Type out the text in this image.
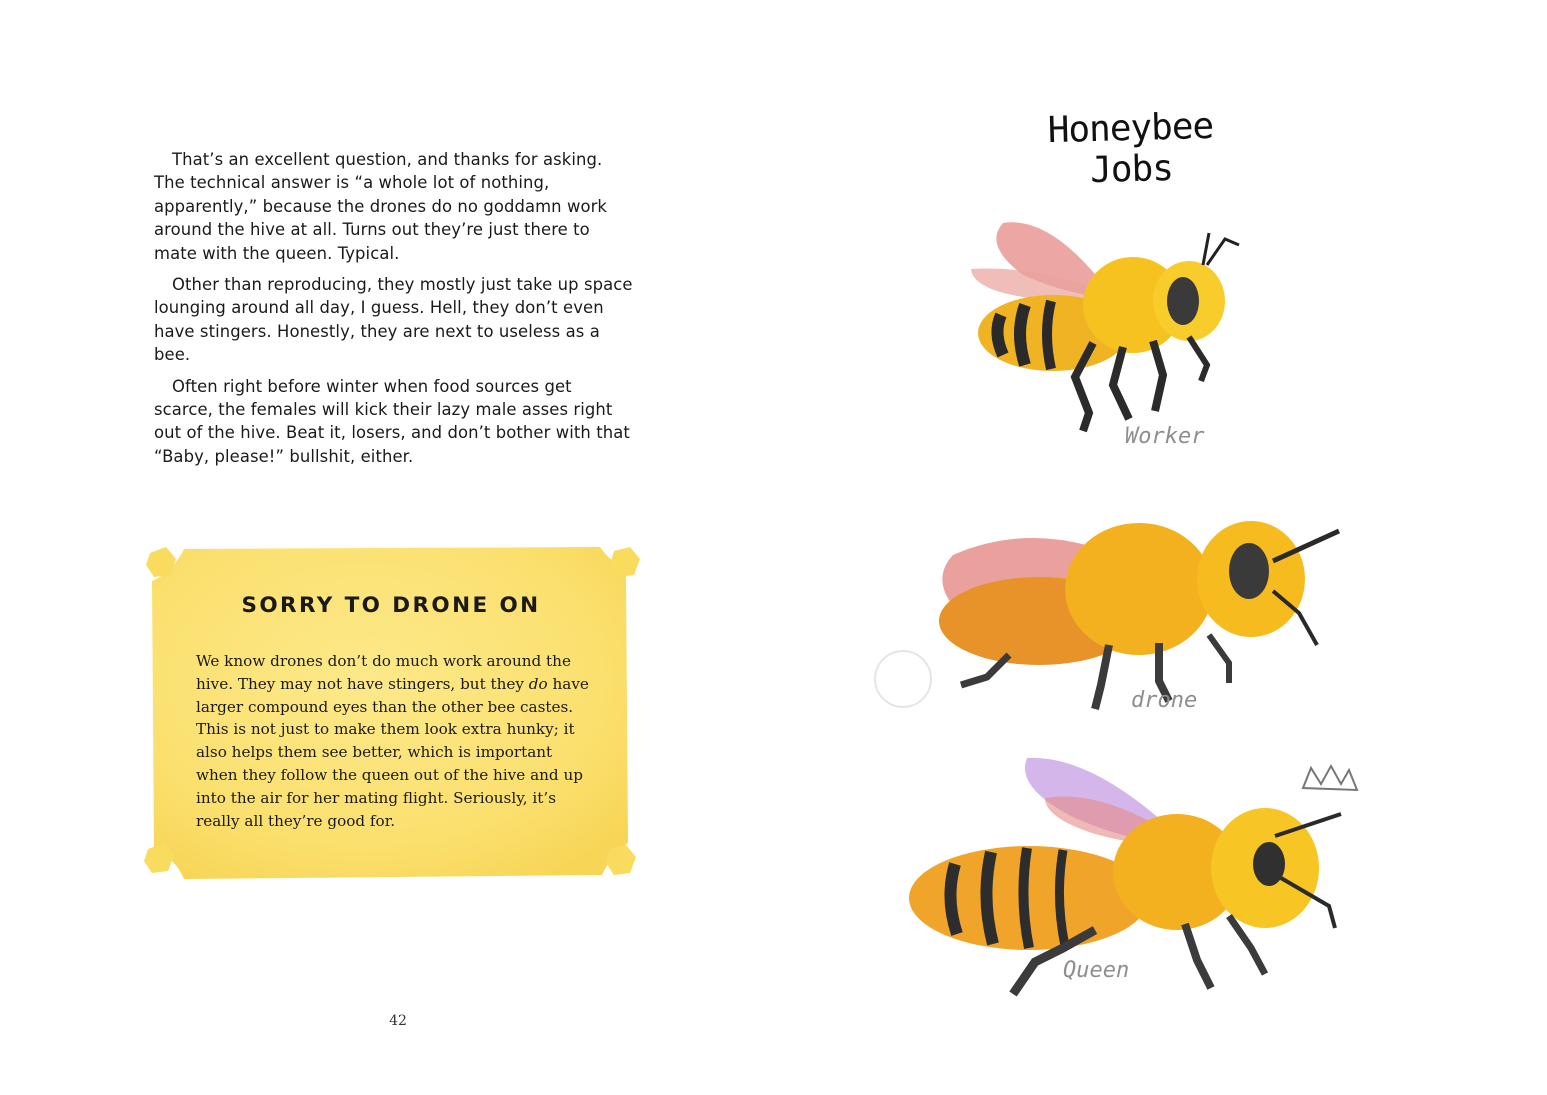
That’s an excellent question, and thanks for asking. The technical answer is “a whole lot of nothing, apparently,” because the drones do no goddamn work around the hive at all. Turns out they’re just there to mate with the queen. Typical.

Other than reproducing, they mostly just take up space lounging around all day, I guess. Hell, they don’t even have stingers. Honestly, they are next to useless as a bee.

Often right before winter when food sources get scarce, the females will kick their lazy male asses right out of the hive. Beat it, losers, and don’t bother with that “Baby, please!” bullshit, either.

SORRY TO DRONE ON
We know drones don’t do much work around the hive. They may not have stingers, but they do have larger compound eyes than the other bee castes. This is not just to make them look extra hunky; it also helps them see better, which is important when they follow the queen out of the hive and up into the air for her mating flight. Seriously, it’s really all they’re good for.
42
Honeybee Jobs
Worker
drone
Queen
